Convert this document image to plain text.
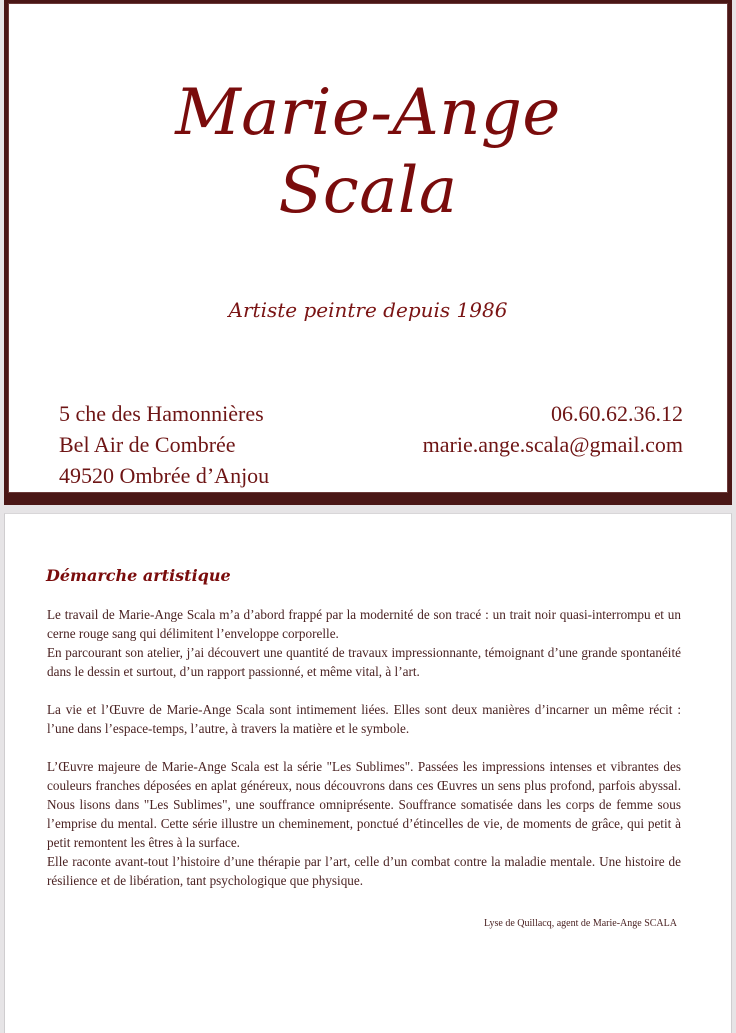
Marie-Ange
Scala
Artiste peintre depuis 1986
5 che des Hamonnières
Bel Air de Combrée
49520 Ombrée d’Anjou
06.60.62.36.12
marie.ange.scala@gmail.com
Démarche artistique

Le travail de Marie-Ange Scala m’a d’abord frappé par la modernité de son tracé : un trait noir quasi-interrompu et un cerne rouge sang qui délimitent l’enveloppe corporelle.
En parcourant son atelier, j’ai découvert une quantité de travaux impressionnante, témoignant d’une grande spontanéité dans le dessin et surtout, d’un rapport passionné, et même vital, à l’art.

La vie et l’Œuvre de Marie-Ange Scala sont intimement liées. Elles sont deux manières d’incarner un même récit : l’une dans l’espace-temps, l’autre, à travers la matière et le symbole.

L’Œuvre majeure de Marie-Ange Scala est la série "Les Sublimes". Passées les impressions intenses et vibrantes des couleurs franches déposées en aplat généreux, nous découvrons dans ces Œuvres un sens plus profond, parfois abyssal. Nous lisons dans "Les Sublimes", une souffrance omniprésente. Souffrance somatisée dans les corps de femme sous l’emprise du mental. Cette série illustre un cheminement, ponctué d’étincelles de vie, de moments de grâce, qui petit à petit remontent les êtres à la surface.
Elle raconte avant-tout l’histoire d’une thérapie par l’art, celle d’un combat contre la maladie mentale. Une histoire de résilience et de libération, tant psychologique que physique.

Lyse de Quillacq, agent de Marie-Ange SCALA
